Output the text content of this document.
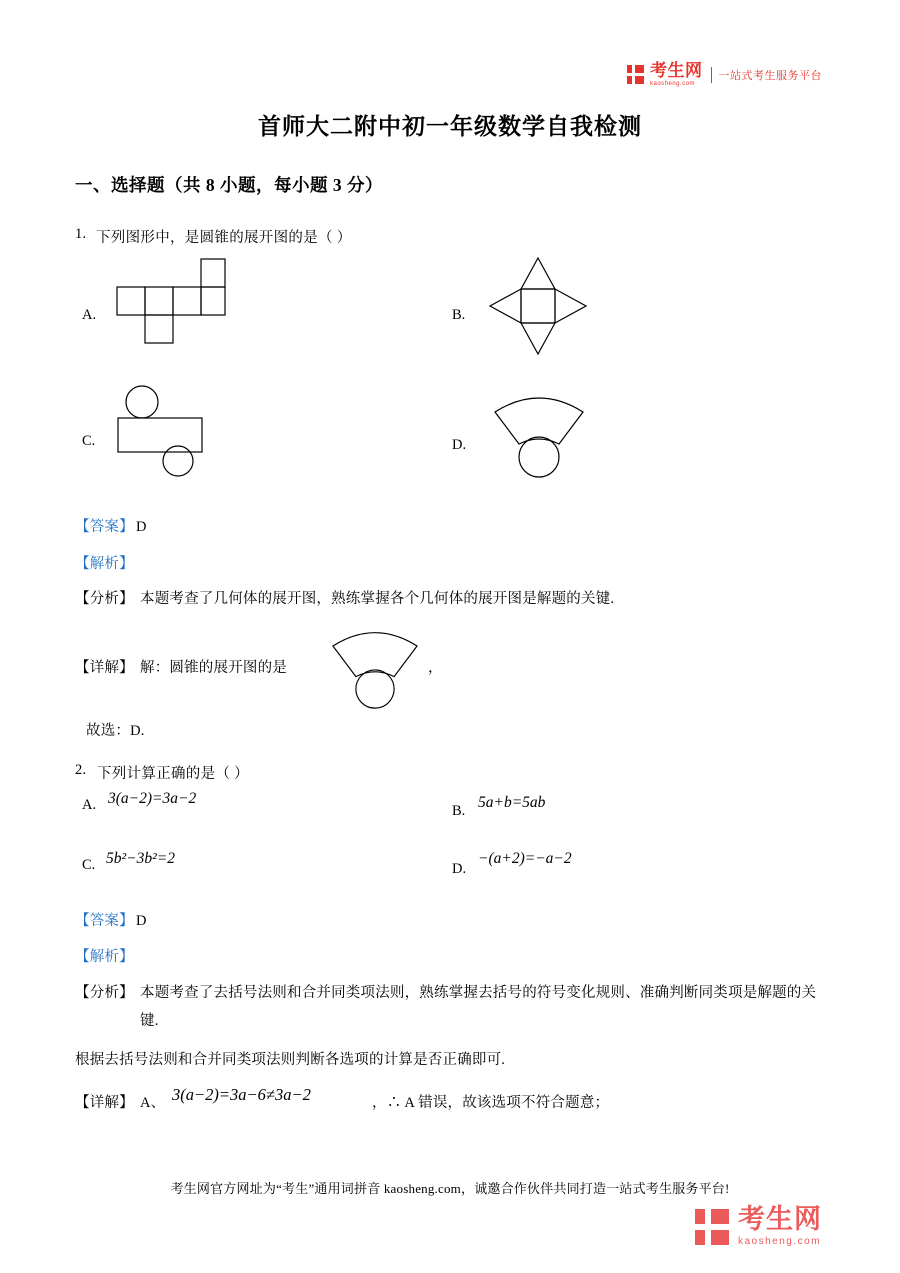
考生网
kaosheng.com
一站式考生服务平台
首师大二附中初一年级数学自我检测
一、选择题（共 8 小题，每小题 3 分）
1. 下列图形中，是圆锥的展开图的是（ ）
A.	B.
C.	D.
【答案】 D
【解析】
【分析】 本题考查了几何体的展开图，熟练掌握各个几何体的展开图是解题的关键.
【详解】 解：圆锥的展开图的是	，
故选：D.
2. 下列计算正确的是（ ）
A. 3(a−2)=3a−2
B. 5a+b=5ab
C. 5b²−3b²=2
D.
−(a+2)=−a−2
【答案】 D
【解析】
【分析】 本题考查了去括号法则和合并同类项法则，熟练掌握去括号的符号变化规则、准确判断同类项是解题的关键.
根据去括号法则和合并同类项法则判断各选项的计算是否正确即可.
【详解】 A、 3(a−2)=3a−6≠3a−2	，∴ A 错误，故该选项不符合题意；
考生网官方网址为“考生”通用词拼音 kaosheng.com，诚邀合作伙伴共同打造一站式考生服务平台!
考生网
kaosheng.com
